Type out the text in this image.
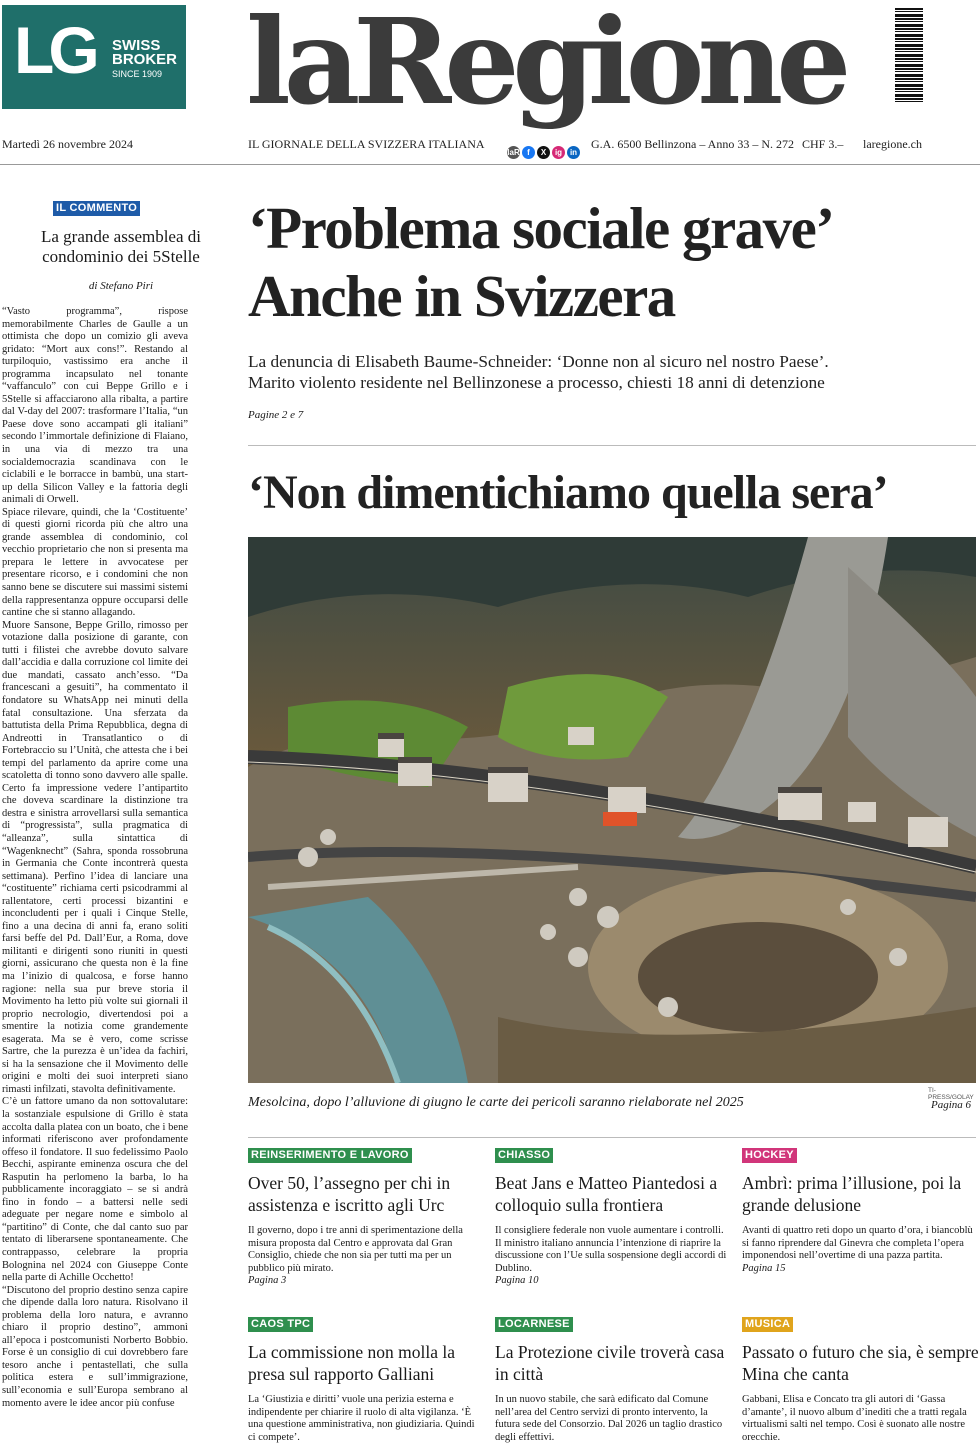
LG SWISS
BROKER
SINCE 1909 laRegione
Martedì 26 novembre 2024	IL GIORNALE DELLA SVIZZERA ITALIANA
laR f	X	ig in
G.A. 6500 Bellinzona – Anno 33 – N. 272 CHF 3.– laregione.ch
IL COMMENTO
La grande assemblea di condominio dei 5Stelle
di Stefano Piri

“Vasto programma”, rispose memorabilmente Charles de Gaulle a un ottimista che dopo un comizio gli aveva gridato: “Mort aux cons!”. Restando al turpiloquio, vastissimo era anche il programma incapsulato nel tonante “vaffanculo” con cui Beppe Grillo e i 5Stelle si affacciarono alla ribalta, a partire dal V-day del 2007: trasformare l’Italia, “un Paese dove sono accampati gli italiani” secondo l’immortale definizione di Flaiano, in una via di mezzo tra una socialdemocrazia scandinava con le ciclabili e le borracce in bambù, una start-up della Silicon Valley e la fattoria degli animali di Orwell.

Spiace rilevare, quindi, che la ‘Costituente’ di questi giorni ricorda più che altro una grande assemblea di condominio, col vecchio proprietario che non si presenta ma prepara le lettere in avvocatese per presentare ricorso, e i condomini che non sanno bene se discutere sui massimi sistemi della rappresentanza oppure occuparsi delle cantine che si stanno allagando.

Muore Sansone, Beppe Grillo, rimosso per votazione dalla posizione di garante, con tutti i filistei che avrebbe dovuto salvare dall’accidia e dalla corruzione col limite dei due mandati, cassato anch’esso. “Da francescani a gesuiti”, ha commentato il fondatore su WhatsApp nei minuti della fatal consultazione. Una sferzata da battutista della Prima Repubblica, degna di Andreotti in Transatlantico o di Fortebraccio su l’Unità, che attesta che i bei tempi del parlamento da aprire come una scatoletta di tonno sono davvero alle spalle. Certo fa impressione vedere l’antipartito che doveva scardinare la distinzione tra destra e sinistra arrovellarsi sulla semantica di “progressista”, sulla pragmatica di “alleanza”, sulla sintattica di “Wagenknecht” (Sahra, sponda rossobruna in Germania che Conte incontrerà questa settimana). Perfino l’idea di lanciare una “costituente” richiama certi psicodrammi al rallentatore, certi processi bizantini e inconcludenti per i quali i Cinque Stelle, fino a una decina di anni fa, erano soliti farsi beffe del Pd. Dall’Eur, a Roma, dove militanti e dirigenti sono riuniti in questi giorni, assicurano che questa non è la fine ma l’inizio di qualcosa, e forse hanno ragione: nella sua pur breve storia il Movimento ha letto più volte sui giornali il proprio necrologio, divertendosi poi a smentire la notizia come grandemente esagerata. Ma se è vero, come scrisse Sartre, che la purezza è un’idea da fachiri, si ha la sensazione che il Movimento delle origini e molti dei suoi interpreti siano rimasti infilzati, stavolta definitivamente.

C’è un fattore umano da non sottovalutare: la sostanziale espulsione di Grillo è stata accolta dalla platea con un boato, che i bene informati riferiscono aver profondamente offeso il fondatore. Il suo fedelissimo Paolo Becchi, aspirante eminenza oscura che del Rasputin ha perlomeno la barba, lo ha pubblicamente incoraggiato – se si andrà fino in fondo – a battersi nelle sedi adeguate per negare nome e simbolo al “partitino” di Conte, che dal canto suo par tentato di liberarsene spontaneamente. Che contrappasso, celebrare la propria Bolognina nel 2024 con Giuseppe Conte nella parte di Achille Occhetto!

“Discutono del proprio destino senza capire che dipende dalla loro natura. Risolvano il problema della loro natura, e avranno chiaro il proprio destino”, ammonì all’epoca i postcomunisti Norberto Bobbio. Forse è un consiglio di cui dovrebbero fare tesoro anche i pentastellati, che sulla politica estera e sull’immigrazione, sull’economia e sull’Europa sembrano al momento avere le idee ancor più confuse

‘Problema sociale grave’
Anche in Svizzera
La denuncia di Elisabeth Baume-Schneider: ‘Donne non al sicuro nel nostro Paese’.
Marito violento residente nel Bellinzonese a processo, chiesti 18 anni di detenzione
Pagine 2 e 7
‘Non dimentichiamo quella sera’
TI-PRESS/GOLAY
Mesolcina, dopo l’alluvione di giugno le carte dei pericoli saranno rielaborate nel 2025	Pagina 6
REINSERIMENTO E LAVORO
Over 50, l’assegno per chi in assistenza e iscritto agli Urc
Il governo, dopo i tre anni di sperimentazione della misura proposta dal Centro e approvata dal Gran Consiglio, chiede che non sia per tutti ma per un pubblico più mirato.
Pagina 3
CHIASSO
Beat Jans e Matteo Piantedosi a colloquio sulla frontiera
Il consigliere federale non vuole aumentare i controlli. Il ministro italiano annuncia l’intenzione di riaprire la discussione con l’Ue sulla sospensione degli accordi di Dublino.
Pagina 10
HOCKEY
Ambrì: prima l’illusione, poi la grande delusione
Avanti di quattro reti dopo un quarto d’ora, i biancoblù si fanno riprendere dal Ginevra che completa l’opera imponendosi nell’overtime di una pazza partita.
Pagina 15
CAOS TPC
La commissione non molla la presa sul rapporto Galliani
La ‘Giustizia e diritti’ vuole una perizia esterna e indipendente per chiarire il ruolo di alta vigilanza. ‘È una questione amministrativa, non giudiziaria. Quindi ci compete’.
LOCARNESE
La Protezione civile troverà casa in città
In un nuovo stabile, che sarà edificato dal Comune nell’area del Centro servizi di pronto intervento, la futura sede del Consorzio. Dal 2026 un taglio drastico degli effettivi.
MUSICA
Passato o futuro che sia, è sempre Mina che canta
Gabbani, Elisa e Concato tra gli autori di ‘Gassa d’amante’, il nuovo album d’inediti che a tratti regala virtualismi salti nel tempo. Così è suonato alle nostre orecchie.
